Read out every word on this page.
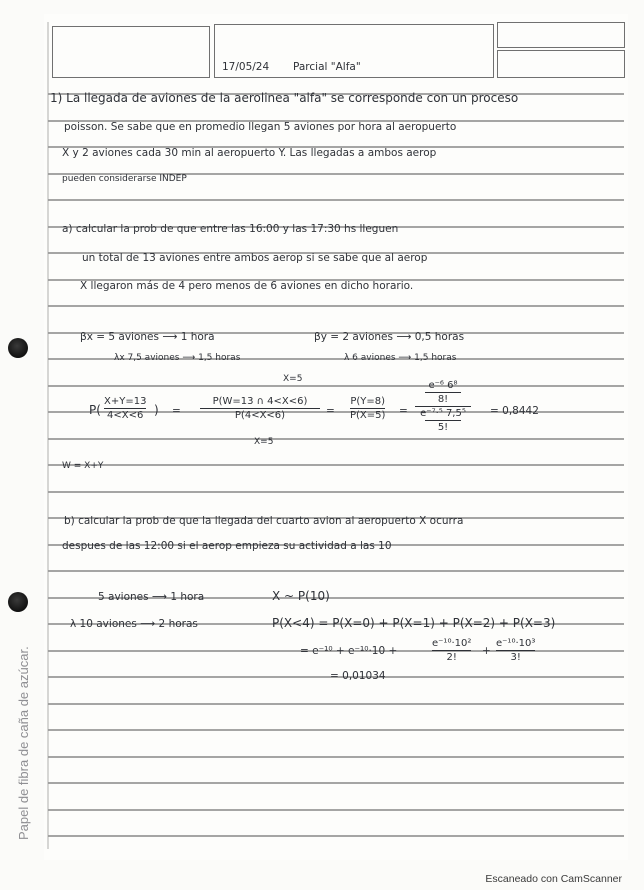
Papel de fibra de caña de azúcar.
17/05/24 Parcial "Alfa"
1) La llegada de aviones de la aerolinea "alfa" se corresponde con un proceso
poisson. Se sabe que en promedio llegan 5 aviones por hora al aeropuerto
X y 2 aviones cada 30 min al aeropuerto Y. Las llegadas a ambos aerop
pueden considerarse INDEP
a) calcular la prob de que entre las 16:00 y las 17:30 hs lleguen
un total de 13 aviones entre ambos aerop si se sabe que al aerop
X llegaron más de 4 pero menos de 6 aviones en dicho horario.
βx = 5 aviones ⟶ 1 hora
λx 7,5 aviones ⟶ 1,5 horas
βy = 2 aviones ⟶ 0,5 horas
λ 6 aviones ⟶ 1,5 horas
P(
X+Y=13
4<X<6 ) =
X=5
P(W=13 ∩ 4<X<6)
P(4<X<6)
X=5
=
P(Y=8)
P(X=5) =
e⁻⁶ 6⁸
8!
e⁻⁷·⁵ 7,5⁵
5!
= 0,8442
W = X+Y
b) calcular la prob de que la llegada del cuarto avion al aeropuerto X ocurra
despues de las 12:00 si el aerop empieza su actividad a las 10
5 aviones ⟶ 1 hora
λ 10 aviones ⟶ 2 horas
X ~ P(10)
P(X<4) = P(X=0) + P(X=1) + P(X=2) + P(X=3)
= e⁻¹⁰ + e⁻¹⁰·10 +
e⁻¹⁰·10²
2!
+
e⁻¹⁰·10³
3!
= 0,01034
Escaneado con CamScanner
